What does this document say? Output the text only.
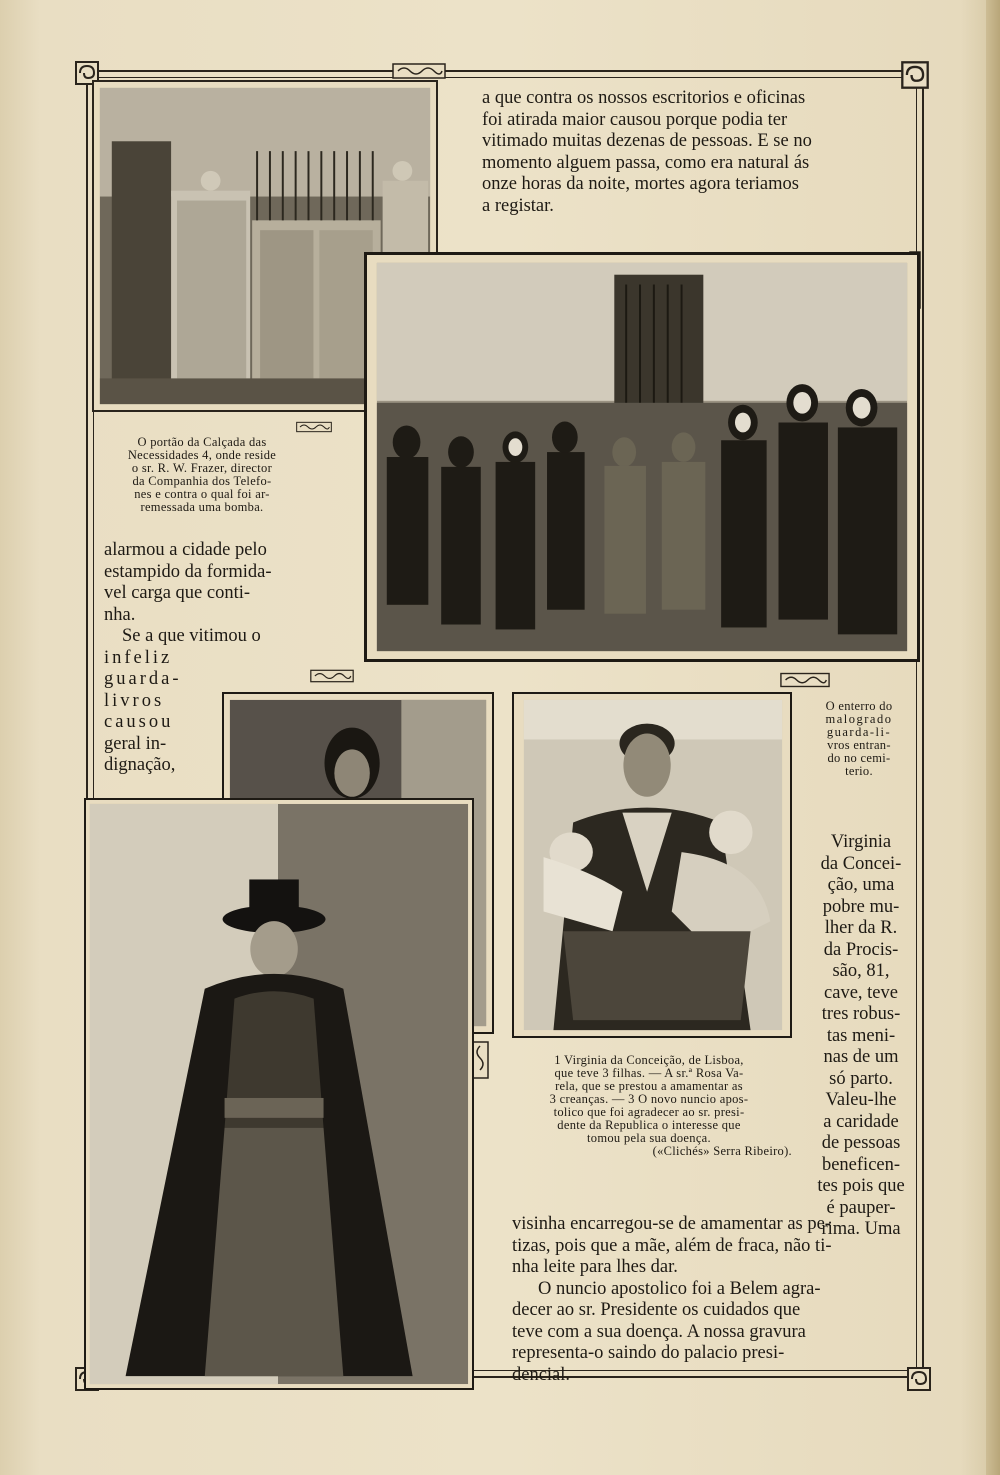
a que contra os nossos escritorios e oficinas
foi atirada maior causou porque podia ter
vitimado muitas dezenas de pessoas. E se no
momento alguem passa, como era natural ás
onze horas da noite, mortes agora teriamos
a registar.
O portão da Calçada das
Necessidades 4, onde reside
o sr. R. W. Frazer, director
da Companhia dos Telefo-
nes e contra o qual foi ar-
remessada uma bomba.
alarmou a cidade pelo
estampido da formida-
vel carga que conti-
nha.
Se a que vitimou o
infeliz
guarda-
livros
causou
geral in-
dignação,
O enterro do
malogrado
guarda-li-
vros entran-
do no cemi-
terio.
Virginia
da Concei-
ção, uma
pobre mu-
lher da R.
da Procis-
são, 81,
cave, teve
tres robus-
tas meni-
nas de um
só parto.
Valeu-lhe
a caridade
de pessoas
beneficen-
tes pois que
é pauper-
rima. Uma
1 Virginia da Conceição, de Lisboa,
que teve 3 filhas. — A sr.ª Rosa Va-
rela, que se prestou a amamentar as
3 creanças. — 3 O novo nuncio apos-
tolico que foi agradecer ao sr. presi-
dente da Republica o interesse que
tomou pela sua doença.
(«Clichés» Serra Ribeiro).
visinha encarregou-se de amamentar as pe-
tizas, pois que a mãe, além de fraca, não ti-
nha leite para lhes dar.
O nuncio apostolico foi a Belem agra-
decer ao sr. Presidente os cuidados que
teve com a sua doença. A nossa gravura
representa-o saindo do palacio presi-
dencial.
